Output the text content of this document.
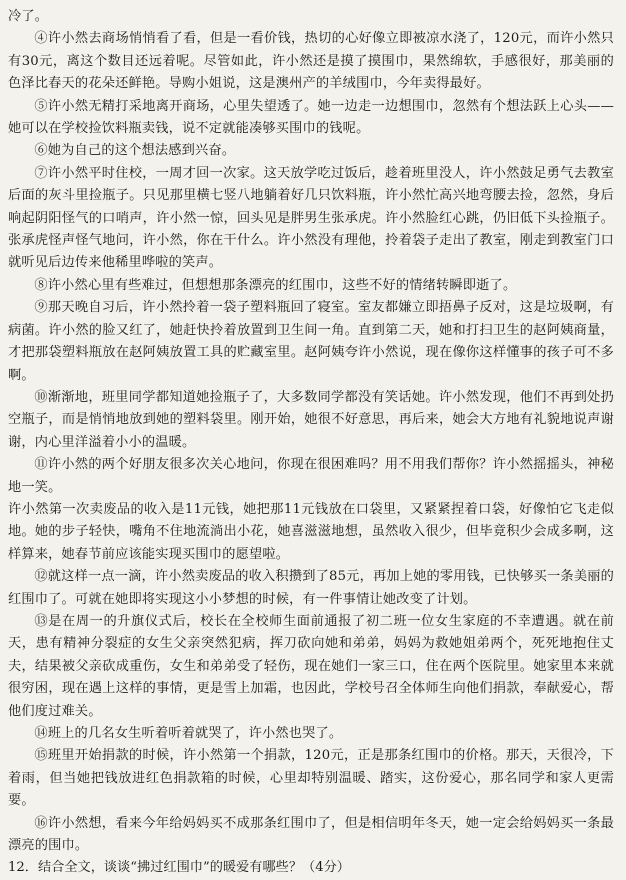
冷了。

④许小然去商场悄悄看了看，但是一看价钱，热切的心好像立即被凉水浇了，120元，而许小然只有30元，离这个数目还远着呢。尽管如此，许小然还是摸了摸围巾，果然绵软，手感很好，那美丽的色泽比春天的花朵还鲜艳。导购小姐说，这是澳州产的羊绒围巾，今年卖得最好。

⑤许小然无精打采地离开商场，心里失望透了。她一边走一边想围巾，忽然有个想法跃上心头——她可以在学校捡饮料瓶卖钱，说不定就能凑够买围巾的钱呢。

⑥她为自己的这个想法感到兴奋。

⑦许小然平时住校，一周才回一次家。这天放学吃过饭后，趁着班里没人，许小然鼓足勇气去教室后面的灰斗里捡瓶子。只见那里横七竖八地躺着好几只饮料瓶，许小然忙高兴地弯腰去捡，忽然，身后响起阴阳怪气的口哨声，许小然一惊，回头见是胖男生张承虎。许小然脸红心跳，仍旧低下头捡瓶子。张承虎怪声怪气地问，许小然，你在干什么。许小然没有理他，拎着袋子走出了教室，刚走到教室门口就听见后边传来他稀里哗啦的笑声。

⑧许小然心里有些难过，但想想那条漂亮的红围巾，这些不好的情绪转瞬即逝了。

⑨那天晚自习后，许小然拎着一袋子塑料瓶回了寝室。室友都嫌立即捂鼻子反对，这是垃圾啊，有病菌。许小然的脸又红了，她赶快拎着放置到卫生间一角。直到第二天，她和打扫卫生的赵阿姨商量，才把那袋塑料瓶放在赵阿姨放置工具的贮藏室里。赵阿姨夸许小然说，现在像你这样懂事的孩子可不多啊。

⑩渐渐地，班里同学都知道她捡瓶子了，大多数同学都没有笑话她。许小然发现，他们不再到处扔空瓶子，而是悄悄地放到她的塑料袋里。刚开始，她很不好意思，再后来，她会大方地有礼貌地说声谢谢，内心里洋溢着小小的温暖。

⑪许小然的两个好朋友很多次关心地问，你现在很困难吗？用不用我们帮你？许小然摇摇头，神秘地一笑。

许小然第一次卖废品的收入是11元钱，她把那11元钱放在口袋里，又紧紧捏着口袋，好像怕它飞走似地。她的步子轻快，嘴角不住地流淌出小花，她喜滋滋地想，虽然收入很少，但毕竟积少会成多啊，这样算来，她春节前应该能实现买围巾的愿望啦。

⑫就这样一点一滴，许小然卖废品的收入积攒到了85元，再加上她的零用钱，已快够买一条美丽的红围巾了。可就在她即将实现这小小梦想的时候，有一件事情让她改变了计划。

⑬是在周一的升旗仪式后，校长在全校师生面前通报了初二班一位女生家庭的不幸遭遇。就在前天，患有精神分裂症的女生父亲突然犯病，挥刀砍向她和弟弟，妈妈为救她姐弟两个，死死地抱住丈夫，结果被父亲砍成重伤，女生和弟弟受了轻伤，现在她们一家三口，住在两个医院里。她家里本来就很穷困，现在遇上这样的事情，更是雪上加霜，也因此，学校号召全体师生向他们捐款，奉献爱心，帮他们度过难关。

⑭班上的几名女生听着听着就哭了，许小然也哭了。

⑮班里开始捐款的时候，许小然第一个捐款，120元，正是那条红围巾的价格。那天，天很冷，下着雨，但当她把钱放进红色捐款箱的时候，心里却特别温暖、踏实，这份爱心，那名同学和家人更需要。

⑯许小然想，看来今年给妈妈买不成那条红围巾了，但是相信明年冬天，她一定会给妈妈买一条最漂亮的围巾。

12．结合全文，谈谈“拂过红围巾”的暖爱有哪些？（4分）
